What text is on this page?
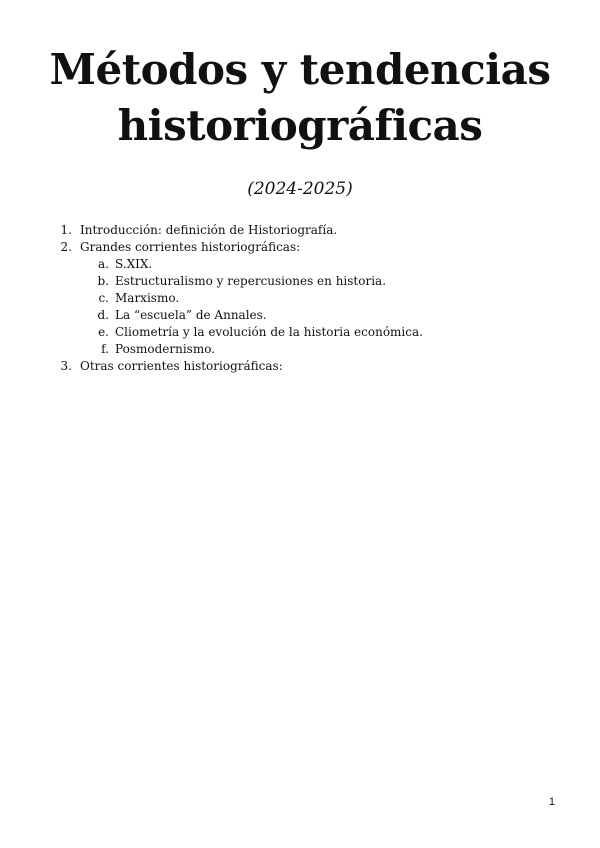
Métodos y tendencias
historiográficas
(2024-2025)
1. Introducción: definición de Historiografía.
2. Grandes corrientes historiográficas:
a. S.XIX.
b. Estructuralismo y repercusiones en historia.
c. Marxismo.
d. La “escuela” de Annales.
e. Cliometría y la evolución de la historia económica.
f. Posmodernismo.
3. Otras corrientes historiográficas:
1
